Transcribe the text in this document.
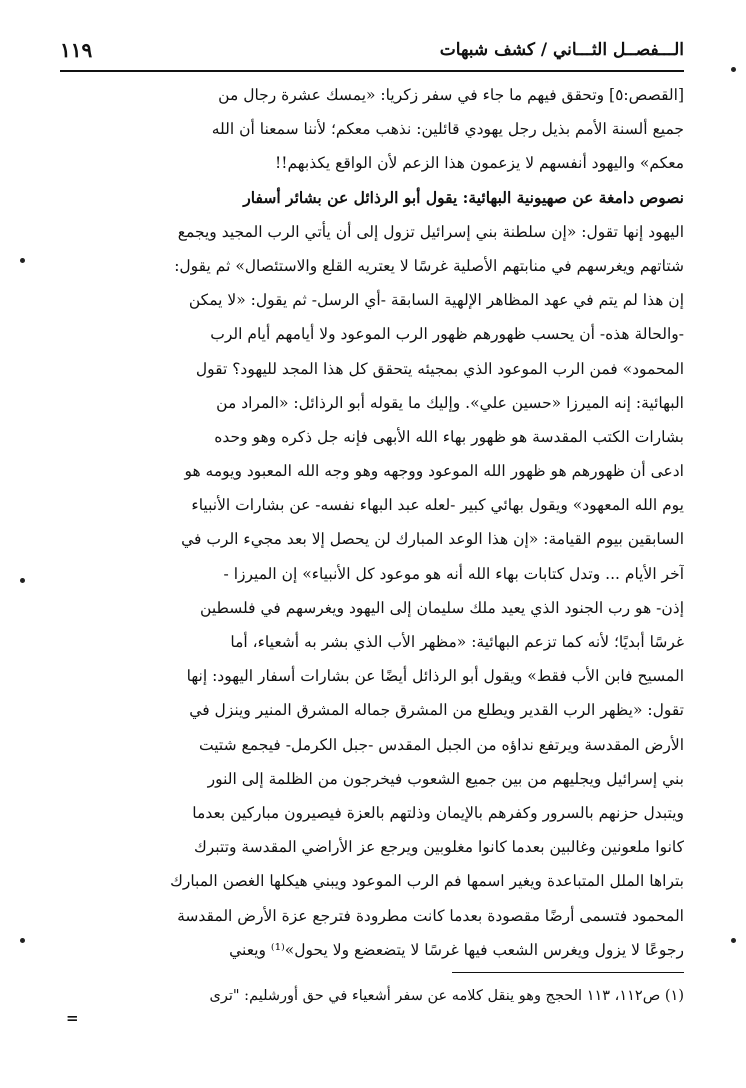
الـــفصــل الثـــاني / كشف شبهات
١١٩
[القصص:٥] وتحقق فيهم ما جاء في سفر زكريا: «يمسك عشرة رجال من
جميع ألسنة الأمم بذيل رجل يهودي قائلين: نذهب معكم؛ لأننا سمعنا أن الله
معكم» واليهود أنفسهم لا يزعمون هذا الزعم لأن الواقع يكذبهم!!
نصوص دامغة عن صهيونية البهائية: يقول أبو الرذائل عن بشائر أسفار
اليهود إنها تقول: «إن سلطنة بني إسرائيل تزول إلى أن يأتي الرب المجيد ويجمع
شتاتهم ويغرسهم في منابتهم الأصلية غرسًا لا يعتريه القلع والاستئصال» ثم يقول:
إن هذا لم يتم في عهد المظاهر الإلهية السابقة -أي الرسل- ثم يقول: «لا يمكن
-والحالة هذه- أن يحسب ظهورهم ظهور الرب الموعود ولا أيامهم أيام الرب
المحمود» فمن الرب الموعود الذي بمجيئه يتحقق كل هذا المجد لليهود؟ تقول
البهائية: إنه الميرزا «حسين علي». وإليك ما يقوله أبو الرذائل: «المراد من
بشارات الكتب المقدسة هو ظهور بهاء الله الأبهى فإنه جل ذكره وهو وحده
ادعى أن ظهورهم هو ظهور الله الموعود ووجهه وهو وجه الله المعبود ويومه هو
يوم الله المعهود» ويقول بهائي كبير -لعله عبد البهاء نفسه- عن بشارات الأنبياء
السابقين بيوم القيامة: «إن هذا الوعد المبارك لن يحصل إلا بعد مجيء الرب في
آخر الأيام ... وتدل كتابات بهاء الله أنه هو موعود كل الأنبياء» إن الميرزا -
إذن- هو رب الجنود الذي يعيد ملك سليمان إلى اليهود ويغرسهم في فلسطين
غرسًا أبديًا؛ لأنه كما تزعم البهائية: «مظهر الأب الذي بشر به أشعياء، أما
المسيح فابن الأب فقط» ويقول أبو الرذائل أيضًا عن بشارات أسفار اليهود: إنها
تقول: «يظهر الرب القدير ويطلع من المشرق جماله المشرق المنير وينزل في
الأرض المقدسة ويرتفع نداؤه من الجبل المقدس -جبل الكرمل- فيجمع شتيت
بني إسرائيل ويجليهم من بين جميع الشعوب فيخرجون من الظلمة إلى النور
ويتبدل حزنهم بالسرور وكفرهم بالإيمان وذلتهم بالعزة فيصيرون مباركين بعدما
كانوا ملعونين وغالبين بعدما كانوا مغلوبين ويرجع عز الأراضي المقدسة وتتبرك
بتراها الملل المتباعدة ويغير اسمها فم الرب الموعود ويبني هيكلها الغصن المبارك
المحمود فتسمى أرضًا مقصودة بعدما كانت مطرودة فترجع عزة الأرض المقدسة
رجوعًا لا يزول ويغرس الشعب فيها غرسًا لا يتضعضع ولا يحول»⁽¹⁾ ويعني
(١) ص١١٢، ١١٣ الحجج وهو ينقل كلامه عن سفر أشعياء في حق أورشليم: "ترى
=
